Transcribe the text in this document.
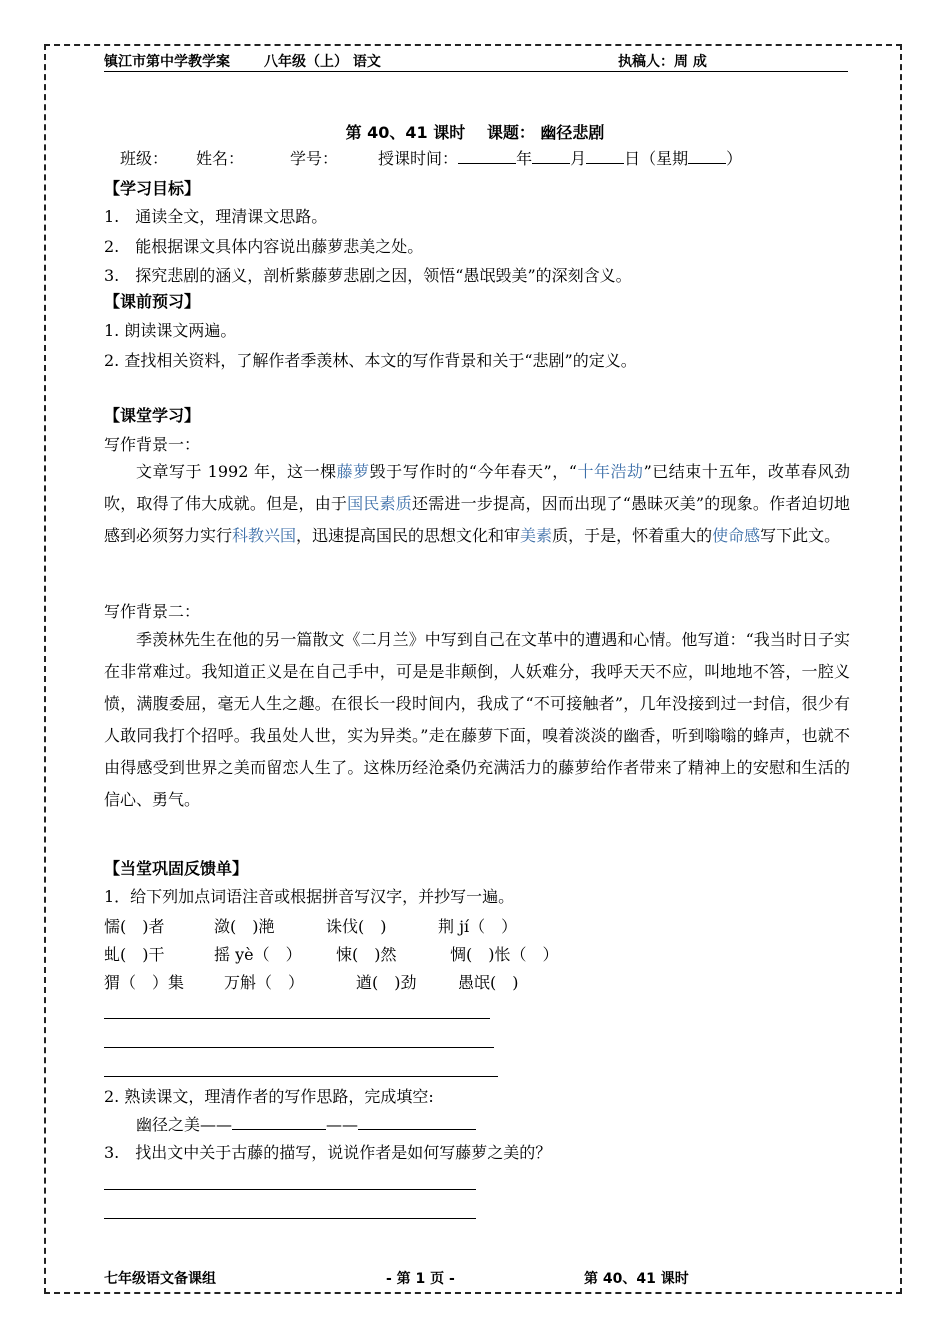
镇江市第中学教学案 八年级（上） 语文	执稿人：周 成
第 40、41 课时　 课题： 幽径悲剧
班级： 姓名：	学号：	授课时间：	年 月 日（星期 ）
【学习目标】
1.　通读全文，理清课文思路。
2.　能根据课文具体内容说出藤萝悲美之处。
3.　探究悲剧的涵义，剖析紫藤萝悲剧之因，领悟“愚氓毁美”的深刻含义。
【课前预习】
1. 朗读课文两遍。
2. 查找相关资料，了解作者季羡林、本文的写作背景和关于“悲剧”的定义。
【课堂学习】
写作背景一：

文章写于 1992 年，这一棵藤萝毁于写作时的“今年春天”，“十年浩劫”已结束十五年，改革春风劲吹，取得了伟大成就。但是，由于国民素质还需进一步提高，因而出现了“愚昧灭美”的现象。作者迫切地感到必须努力实行科教兴国，迅速提高国民的思想文化和审美素质，于是，怀着重大的使命感写下此文。

写作背景二：

季羡林先生在他的另一篇散文《二月兰》中写到自己在文革中的遭遇和心情。他写道：“我当时日子实在非常难过。我知道正义是在自己手中，可是是非颠倒，人妖难分，我呼天天不应，叫地地不答，一腔义愤，满腹委屈，毫无人生之趣。在很长一段时间内，我成了“不可接触者”，几年没接到过一封信，很少有人敢同我打个招呼。我虽处人世，实为异类。”走在藤萝下面，嗅着淡淡的幽香，听到嗡嗡的蜂声，也就不由得感受到世界之美而留恋人生了。这株历经沧桑仍充满活力的藤萝给作者带来了精神上的安慰和生活的信心、勇气。

【当堂巩固反馈单】
1．给下列加点词语注音或根据拼音写汉字，并抄写一遍。
懦(　)者	潋(　)滟	诛伐(　)	荆 jí（　）
虬(　)干	摇 yè（　） 悚(　)然	惆(　)怅（　）
猬（　）集 万斛（　）	遒(　)劲	愚氓(　)
2. 熟读课文，理清作者的写作思路，完成填空:
幽径之美——	——
3.　找出文中关于古藤的描写，说说作者是如何写藤萝之美的？
七年级语文备课组	- 第 1 页 -	第 40、41 课时
